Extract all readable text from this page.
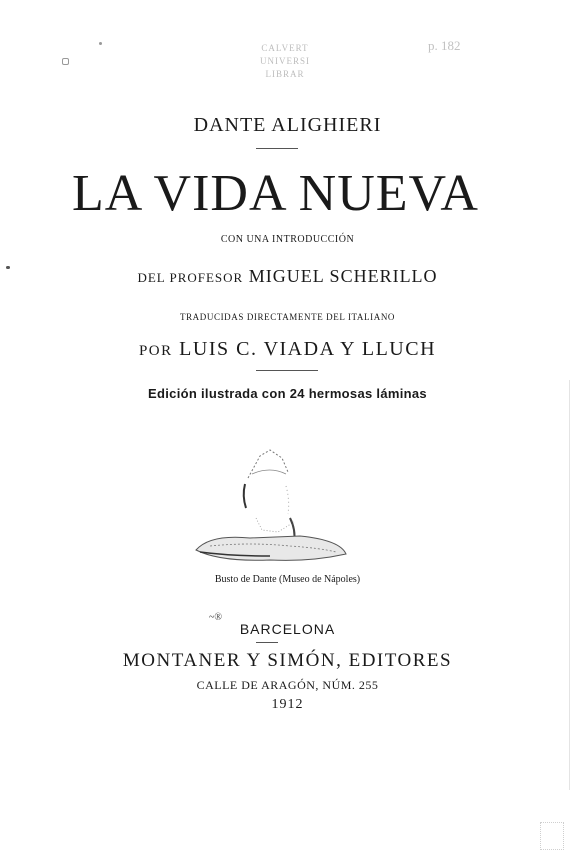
CALVERT
UNIVERSI
LIBRAR
p. 182
DANTE ALIGHIERI
LA VIDA NUEVA
CON UNA INTRODUCCIÓN
DEL PROFESOR MIGUEL SCHERILLO
TRADUCIDAS DIRECTAMENTE DEL ITALIANO
POR LUIS C. VIADA Y LLUCH
Edición ilustrada con 24 hermosas láminas
Busto de Dante (Museo de Nápoles)
~®
BARCELONA
MONTANER Y SIMÓN, EDITORES
CALLE DE ARAGÓN, NÚM. 255
1912
